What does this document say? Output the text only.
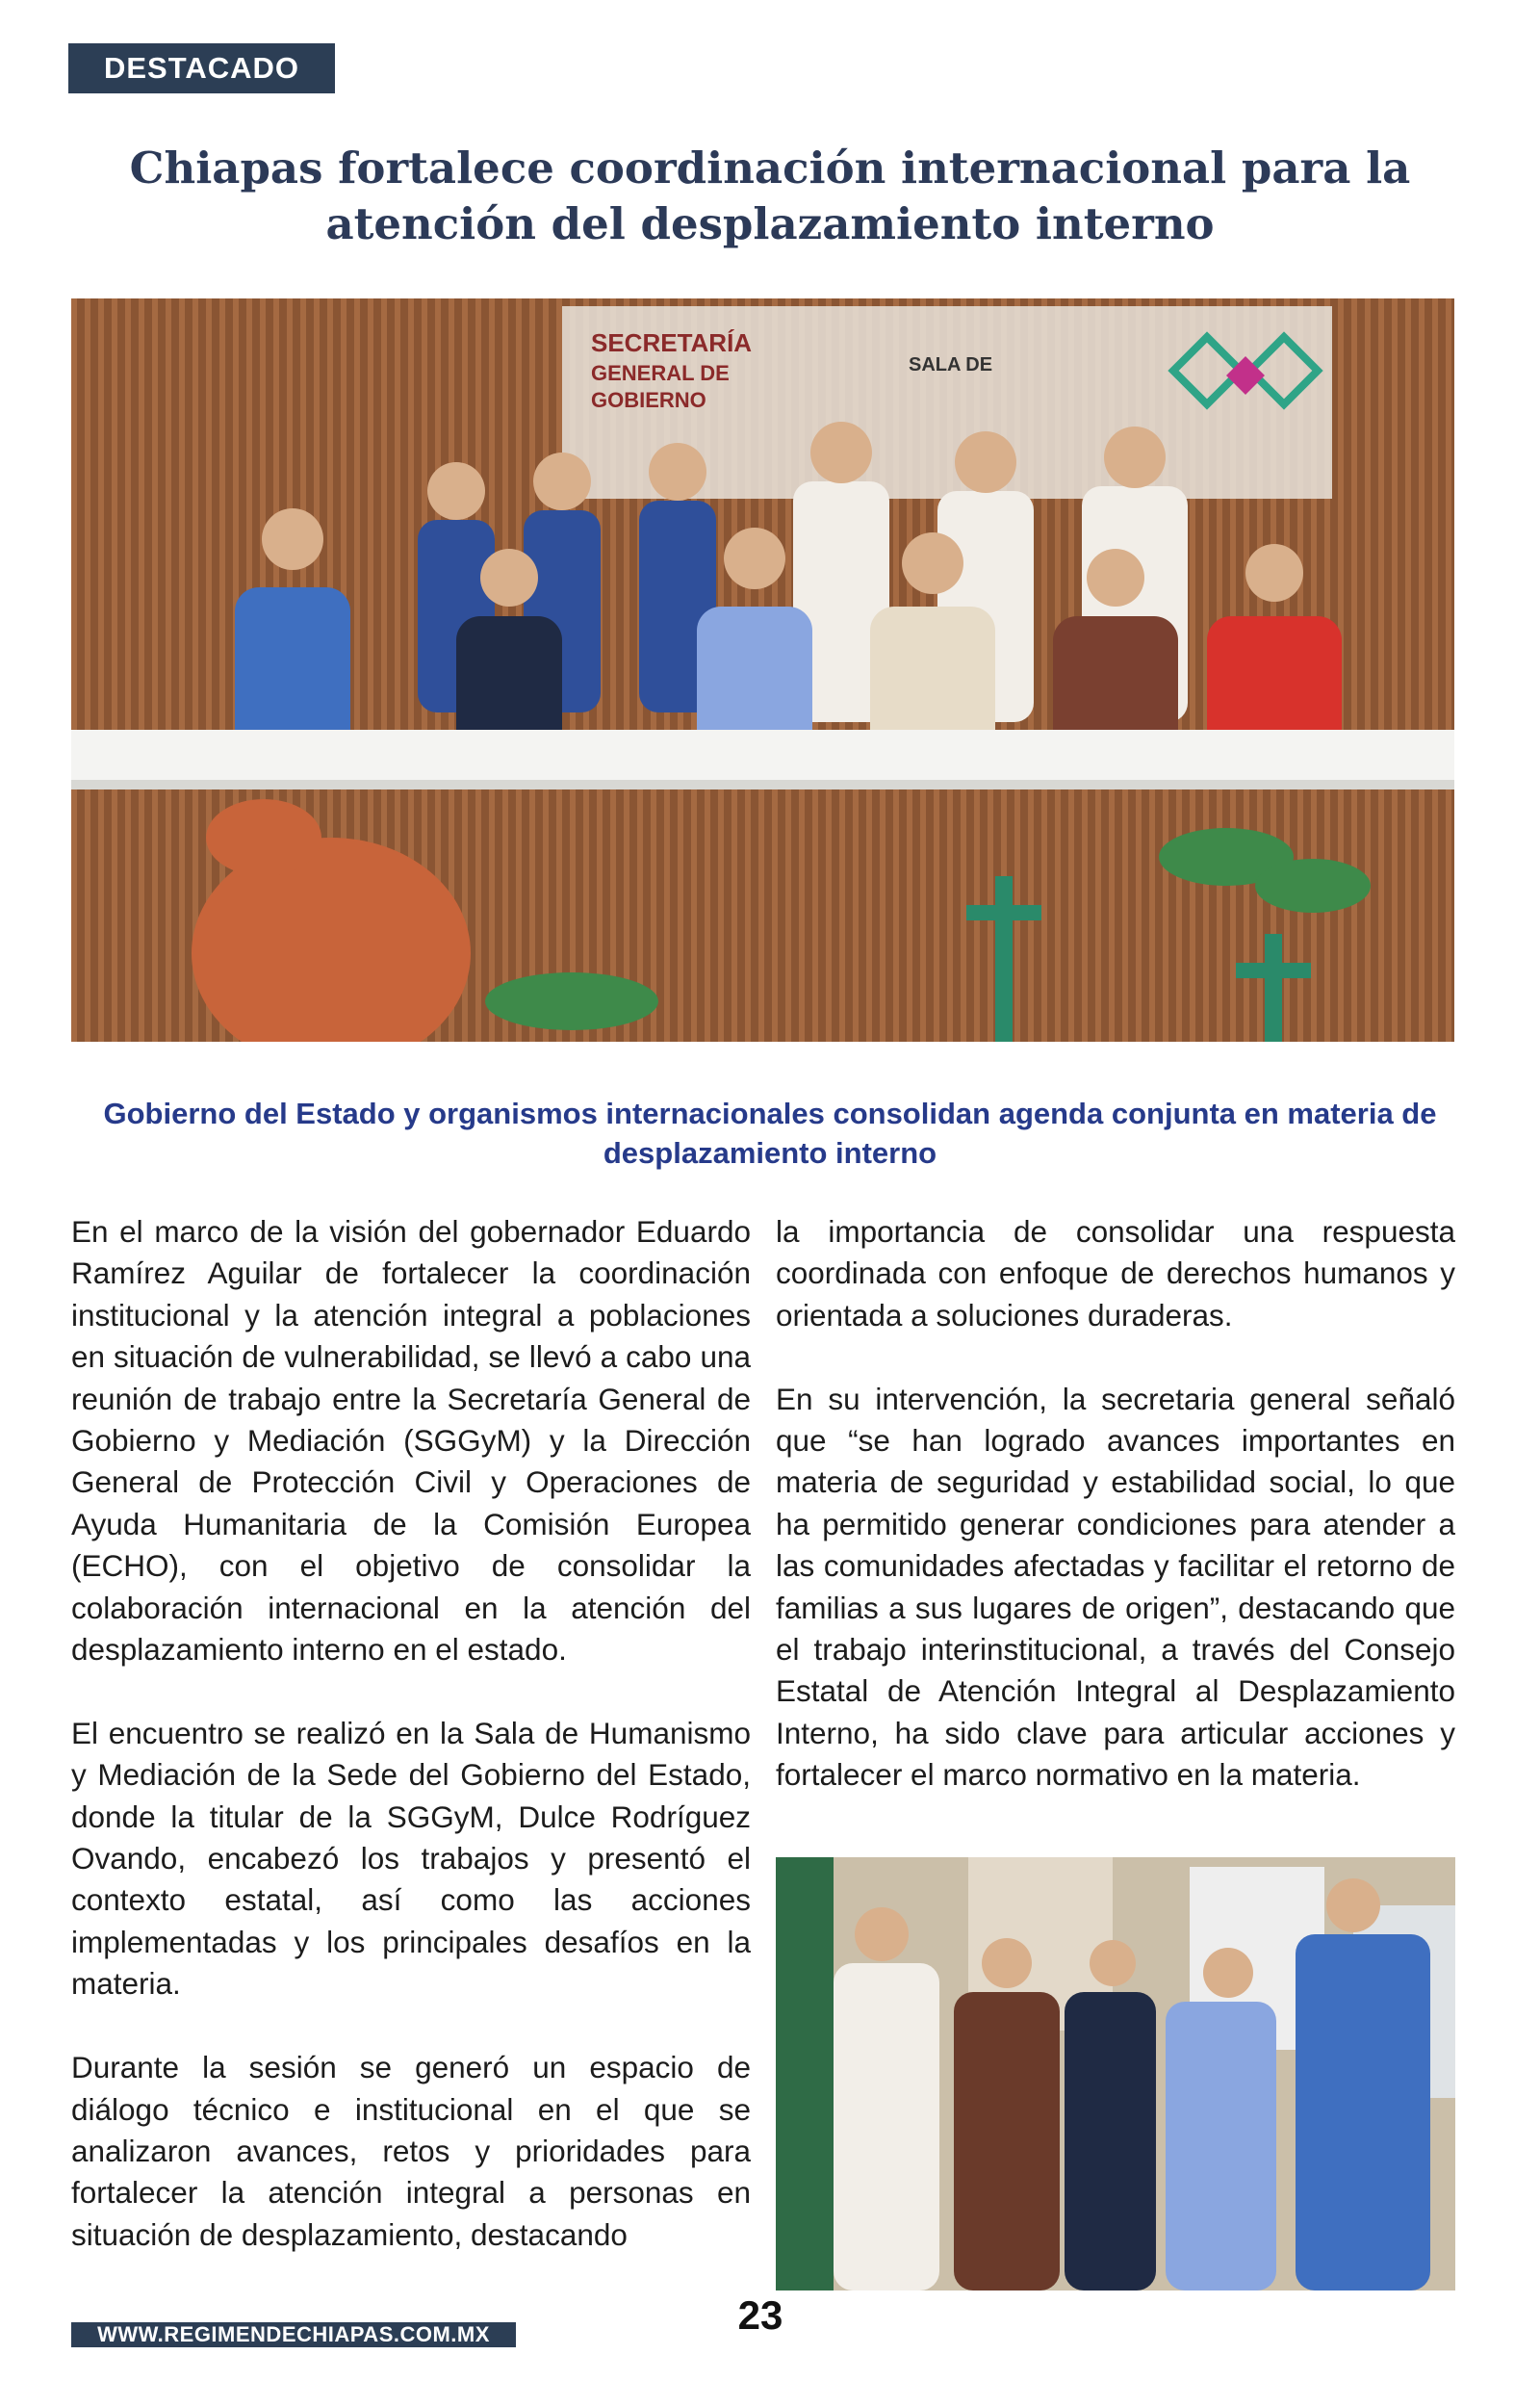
DESTACADO
Chiapas fortalece coordinación internacional para la atención del desplazamiento interno
SECRETARÍA
GENERAL DE
GOBIERNO
SALA DE

Gobierno del Estado y organismos internacionales consolidan agenda conjunta en materia de desplazamiento interno

En el marco de la visión del gobernador Eduardo Ramírez Aguilar de fortalecer la coordinación institucional y la atención integral a poblaciones en situación de vulnerabilidad, se llevó a cabo una reunión de trabajo entre la Secretaría General de Gobierno y Mediación (SGGyM) y la Dirección General de Protección Civil y Operaciones de Ayuda Humanitaria de la Comisión Europea (ECHO), con el objetivo de consolidar la colaboración internacional en la atención del desplazamiento interno en el estado.

El encuentro se realizó en la Sala de Humanismo y Mediación de la Sede del Gobierno del Estado, donde la titular de la SGGyM, Dulce Rodríguez Ovando, encabezó los trabajos y presentó el contexto estatal, así como las acciones implementadas y los principales desafíos en la materia.

Durante la sesión se generó un espacio de diálogo técnico e institucional en el que se analizaron avances, retos y prioridades para fortalecer la atención integral a personas en situación de desplazamiento, destacando

la importancia de consolidar una respuesta coordinada con enfoque de derechos humanos y orientada a soluciones duraderas.

En su intervención, la secretaria general señaló que “se han logrado avances importantes en materia de seguridad y estabilidad social, lo que ha permitido generar condiciones para atender a las comunidades afectadas y facilitar el retorno de familias a sus lugares de origen”, destacando que el trabajo interinstitucional, a través del Consejo Estatal de Atención Integral al Desplazamiento Interno, ha sido clave para articular acciones y fortalecer el marco normativo en la materia.

WWW.REGIMENDECHIAPAS.COM.MX	23
